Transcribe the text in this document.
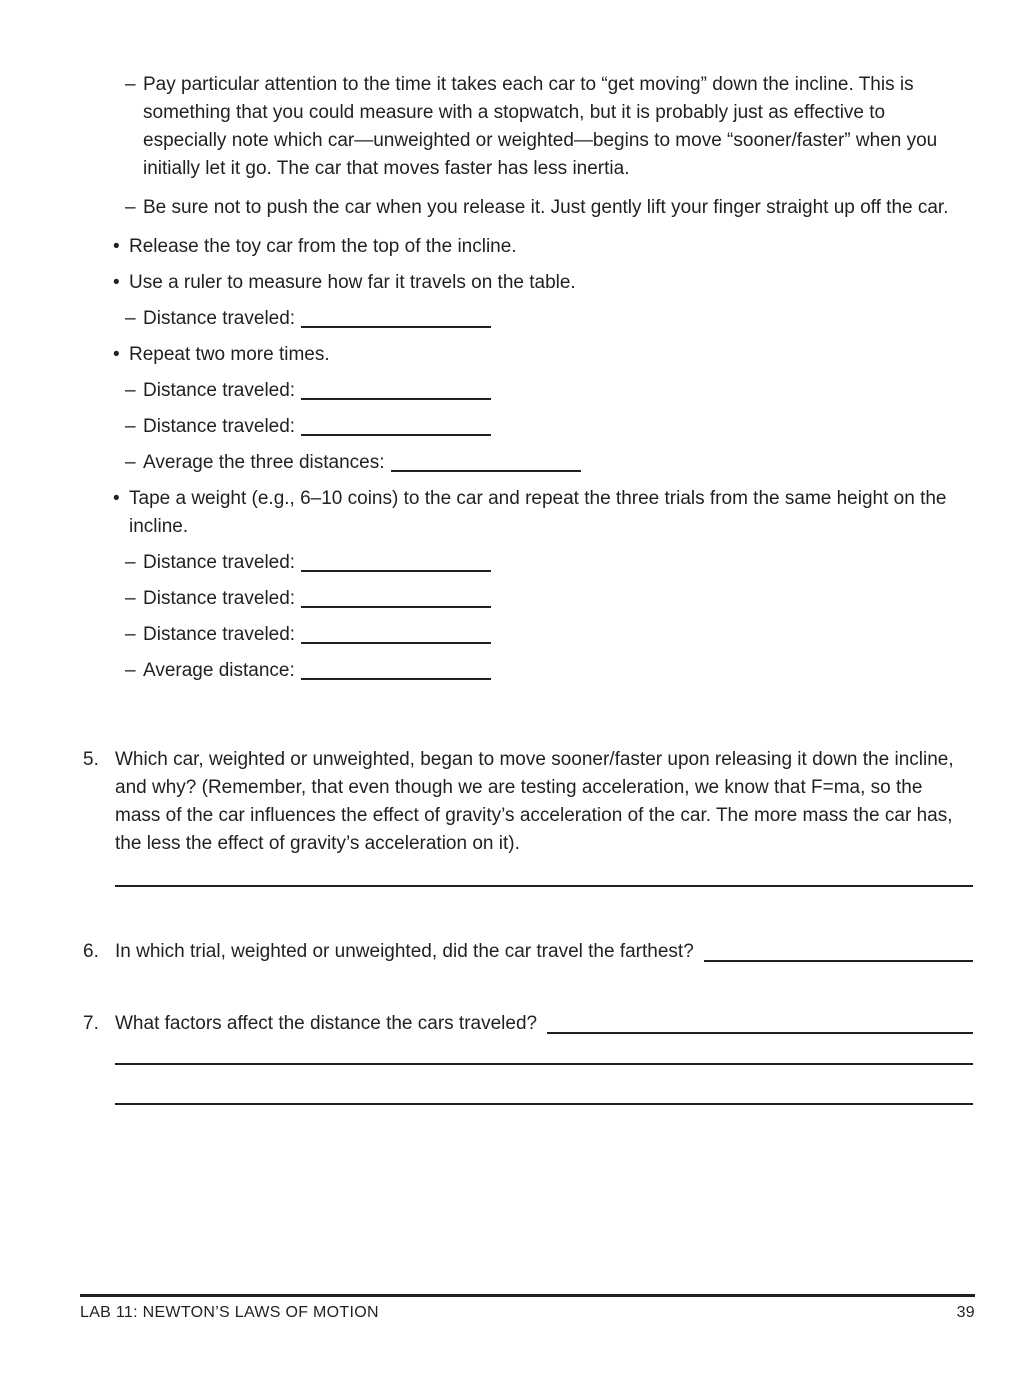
– Pay particular attention to the time it takes each car to “get moving” down the incline. This is something that you could measure with a stopwatch, but it is probably just as effective to especially note which car—unweighted or weighted—begins to move “sooner/faster” when you initially let it go. The car that moves faster has less inertia.
– Be sure not to push the car when you release it. Just gently lift your finger straight up off the car.
• Release the toy car from the top of the incline.
• Use a ruler to measure how far it travels on the table.
– Distance traveled:
• Repeat two more times.
– Distance traveled:
– Distance traveled:
– Average the three distances:
• Tape a weight (e.g., 6–10 coins) to the car and repeat the three trials from the same height on the incline.
– Distance traveled:
– Distance traveled:
– Distance traveled:
– Average distance:
5. Which car, weighted or unweighted, began to move sooner/faster upon releasing it down the incline, and why? (Remember, that even though we are testing acceleration, we know that F=ma, so the mass of the car influences the effect of gravity’s acceleration of the car. The more mass the car has, the less the effect of gravity’s acceleration on it).
6. In which trial, weighted or unweighted, did the car travel the farthest?
7. What factors affect the distance the cars traveled?
LAB 11: NEWTON’S LAWS OF MOTION	39
